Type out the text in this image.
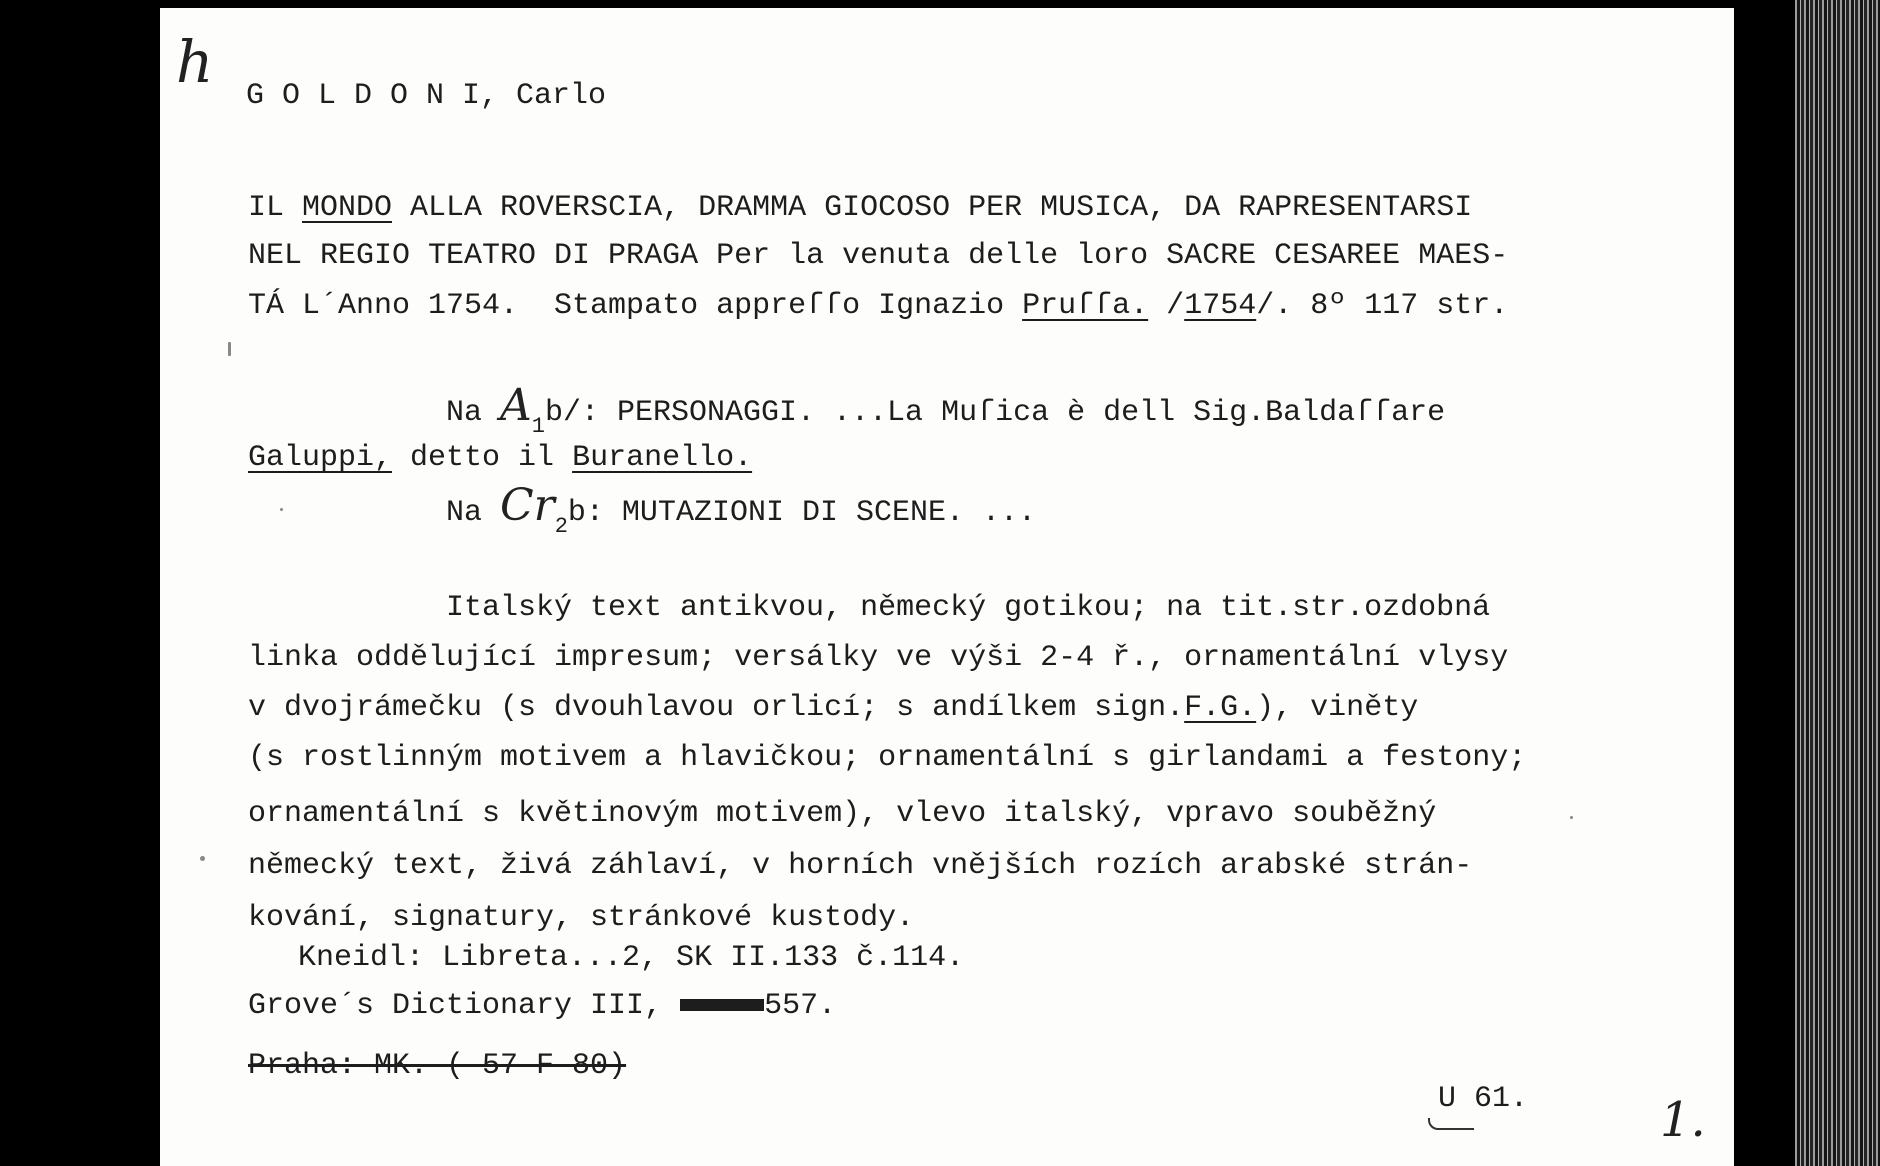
h G O L D O N I, Carlo
IL MONDO ALLA ROVERSCIA, DRAMMA GIOCOSO PER MUSICA, DA RAPRESENTARSI
NEL REGIO TEATRO DI PRAGA Per la venuta delle loro SACRE CESAREE MAES-
TÁ L´Anno 1754.  Stampato appreſſo Ignazio Pruſſa. /1754/. 8º 117 str.
Na $A_1b/$: PERSONAGGI. ...La Muſica è dell Sig.Baldaſſare
Galuppi, detto il Buranello.
Na $Cr_2b$: MUTAZIONI DI SCENE. ...
Italský text antikvou, německý gotikou; na tit.str.ozdobná
linka oddělující impresum; versálky ve výši 2-4 ř., ornamentální vlysy
v dvojrámečku (s dvouhlavou orlicí; s andílkem sign.F.G.), viněty
(s rostlinným motivem a hlavičkou; ornamentální s girlandami a festony;
ornamentální s květinovým motivem), vlevo italský, vpravo souběžný
německý text, živá záhlaví, v horních vnějších rozích arabské strán-
kování, signatury, stránkové kustody.
Kneidl: Libreta...2, SK II.133 č.114.
Grove´s Dictionary III,	557.
Praha: MK. (-57 F-80)
U 61.	1.
